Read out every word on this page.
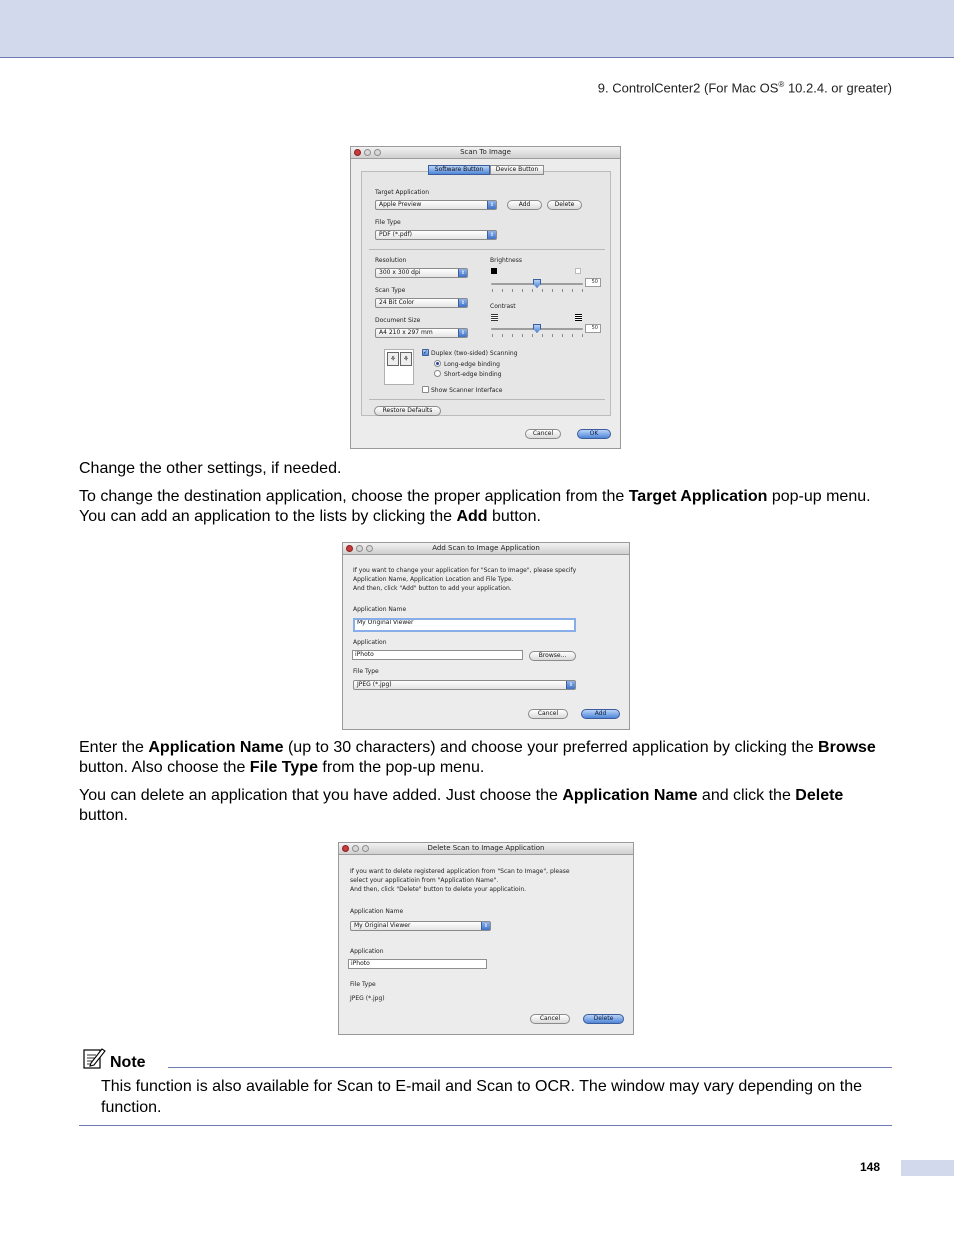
9. ControlCenter2 (For Mac OS® 10.2.4. or greater)
Scan To Image
Software Button	Device Button
Target Application
Apple Preview	⇕	Add	Delete
File Type
PDF (*.pdf)	⇕
Resolution
300 x 300 dpi	⇕
Scan Type
24 Bit Color	⇕
Document Size
A4 210 x 297 mm	⇕
Brightness
50
Contrast
50
⚘ ⚘
✓ Duplex (two-sided) Scanning
Long-edge binding
Short-edge binding
Show Scanner Interface
Restore Defaults
Cancel	OK

Change the other settings, if needed.

To change the destination application, choose the proper application from the Target Application pop-up menu. You can add an application to the lists by clicking the Add button.

Add Scan to Image Application
If you want to change your application for "Scan to Image", please specify
Application Name, Application Location and File Type.
And then, click "Add" button to add your application.
Application Name
My Original Viewer
Application
iPhoto	Browse...
File Type
JPEG (*.jpg)	⇕
Cancel	Add

Enter the Application Name (up to 30 characters) and choose your preferred application by clicking the Browse button. Also choose the File Type from the pop-up menu.

You can delete an application that you have added. Just choose the Application Name and click the Delete button.

Delete Scan to Image Application
If you want to delete registered application from "Scan to Image", please
select your applicatioin from "Application Name".
And then, click "Delete" button to delete your applicatioin.
Application Name
My Original Viewer	⇕
Application
iPhoto
File Type
JPEG (*.jpg)
Cancel	Delete
Note

This function is also available for Scan to E-mail and Scan to OCR. The window may vary depending on the function.

148
